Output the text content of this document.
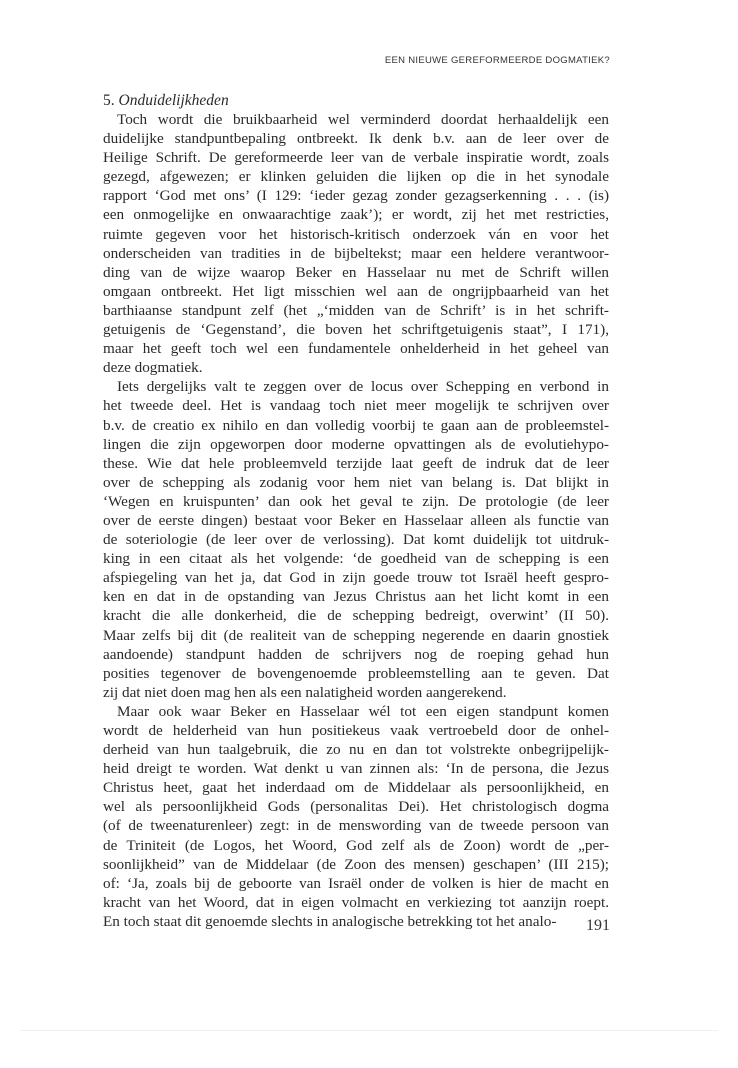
EEN NIEUWE GEREFORMEERDE DOGMATIEK?
5. Onduidelijkheden
Toch wordt die bruikbaarheid wel verminderd doordat herhaaldelijk een
duidelijke standpuntbepaling ontbreekt. Ik denk b.v. aan de leer over de
Heilige Schrift. De gereformeerde leer van de verbale inspiratie wordt, zoals
gezegd, afgewezen; er klinken geluiden die lijken op die in het synodale
rapport ‘God met ons’ (I 129: ‘ieder gezag zonder gezagserkenning . . . (is)
een onmogelijke en onwaarachtige zaak’); er wordt, zij het met restricties,
ruimte gegeven voor het historisch-kritisch onderzoek ván en voor het
onderscheiden van tradities in de bijbeltekst; maar een heldere verantwoor-
ding van de wijze waarop Beker en Hasselaar nu met de Schrift willen
omgaan ontbreekt. Het ligt misschien wel aan de ongrijpbaarheid van het
barthiaanse standpunt zelf (het „‘midden van de Schrift’ is in het schrift-
getuigenis de ‘Gegenstand’, die boven het schriftgetuigenis staat”, I 171),
maar het geeft toch wel een fundamentele onhelderheid in het geheel van
deze dogmatiek.
Iets dergelijks valt te zeggen over de locus over Schepping en verbond in
het tweede deel. Het is vandaag toch niet meer mogelijk te schrijven over
b.v. de creatio ex nihilo en dan volledig voorbij te gaan aan de probleemstel-
lingen die zijn opgeworpen door moderne opvattingen als de evolutiehypo-
these. Wie dat hele probleemveld terzijde laat geeft de indruk dat de leer
over de schepping als zodanig voor hem niet van belang is. Dat blijkt in
‘Wegen en kruispunten’ dan ook het geval te zijn. De protologie (de leer
over de eerste dingen) bestaat voor Beker en Hasselaar alleen als functie van
de soteriologie (de leer over de verlossing). Dat komt duidelijk tot uitdruk-
king in een citaat als het volgende: ‘de goedheid van de schepping is een
afspiegeling van het ja, dat God in zijn goede trouw tot Israël heeft gespro-
ken en dat in de opstanding van Jezus Christus aan het licht komt in een
kracht die alle donkerheid, die de schepping bedreigt, overwint’ (II 50).
Maar zelfs bij dit (de realiteit van de schepping negerende en daarin gnostiek
aandoende) standpunt hadden de schrijvers nog de roeping gehad hun
posities tegenover de bovengenoemde probleemstelling aan te geven. Dat
zij dat niet doen mag hen als een nalatigheid worden aangerekend.
Maar ook waar Beker en Hasselaar wél tot een eigen standpunt komen
wordt de helderheid van hun positiekeus vaak vertroebeld door de onhel-
derheid van hun taalgebruik, die zo nu en dan tot volstrekte onbegrijpelijk-
heid dreigt te worden. Wat denkt u van zinnen als: ‘In de persona, die Jezus
Christus heet, gaat het inderdaad om de Middelaar als persoonlijkheid, en
wel als persoonlijkheid Gods (personalitas Dei). Het christologisch dogma
(of de tweenaturenleer) zegt: in de menswording van de tweede persoon van
de Triniteit (de Logos, het Woord, God zelf als de Zoon) wordt de „per-
soonlijkheid” van de Middelaar (de Zoon des mensen) geschapen’ (III 215);
of: ‘Ja, zoals bij de geboorte van Israël onder de volken is hier de macht en
kracht van het Woord, dat in eigen volmacht en verkiezing tot aanzijn roept.
En toch staat dit genoemde slechts in analogische betrekking tot het analo-	191
